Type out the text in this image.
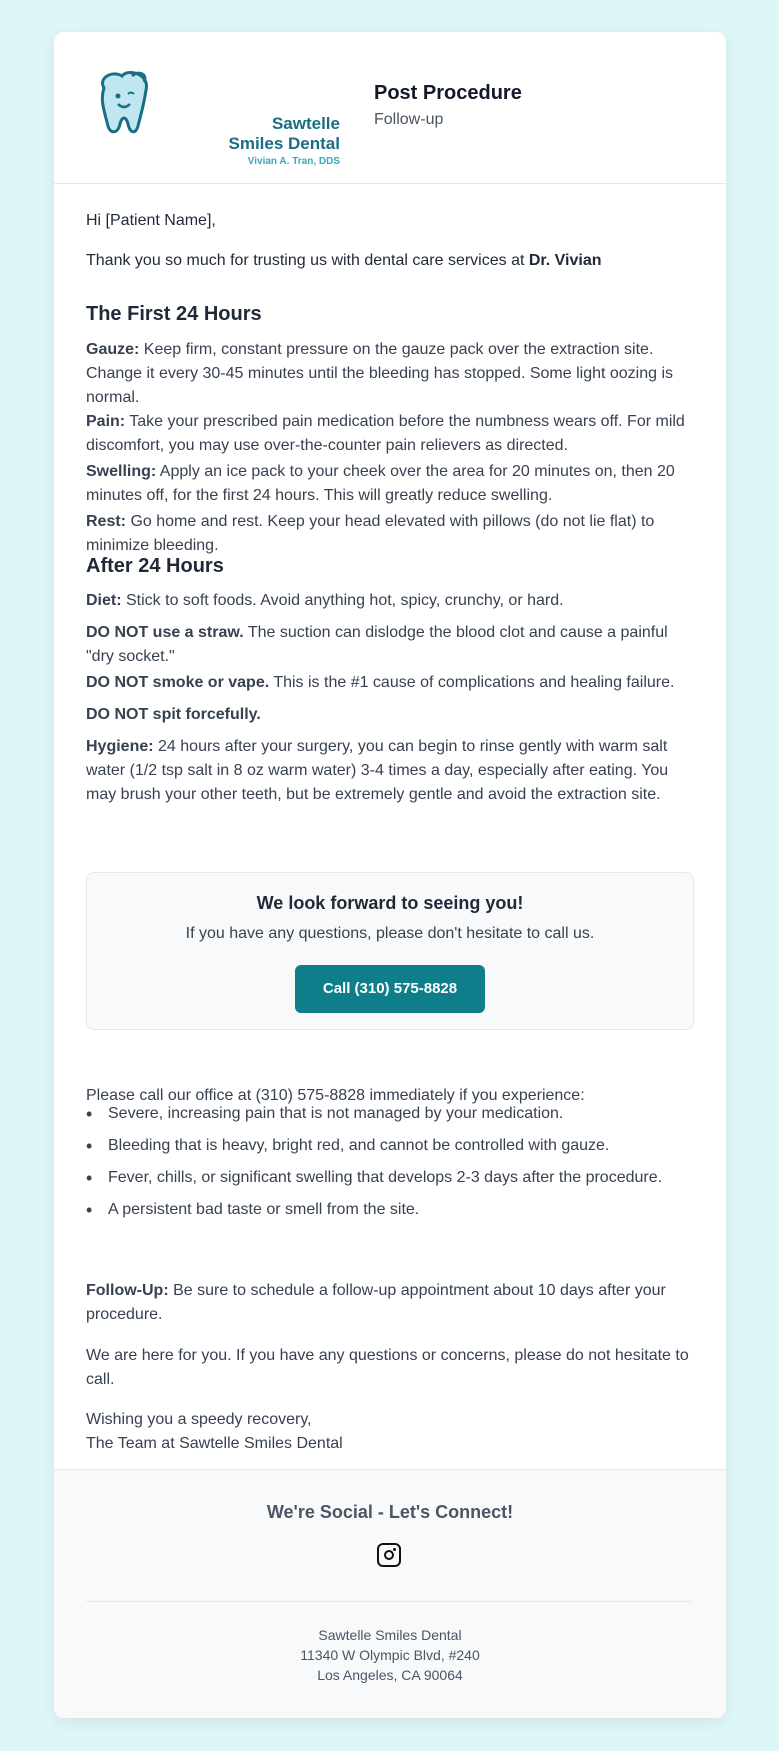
Sawtelle
Smiles Dental
Vivian A. Tran, DDS
Post Procedure
Follow-up

Hi [Patient Name],

Thank you so much for trusting us with dental care services at Dr. Vivian

The First 24 Hours

Gauze: Keep firm, constant pressure on the gauze pack over the extraction site. Change it every 30-45 minutes until the bleeding has stopped. Some light oozing is normal.

Pain: Take your prescribed pain medication before the numbness wears off. For mild discomfort, you may use over-the-counter pain relievers as directed.

Swelling: Apply an ice pack to your cheek over the area for 20 minutes on, then 20 minutes off, for the first 24 hours. This will greatly reduce swelling.

Rest: Go home and rest. Keep your head elevated with pillows (do not lie flat) to minimize bleeding.

After 24 Hours

Diet: Stick to soft foods. Avoid anything hot, spicy, crunchy, or hard.

DO NOT use a straw. The suction can dislodge the blood clot and cause a painful "dry socket."

DO NOT smoke or vape. This is the #1 cause of complications and healing failure.

DO NOT spit forcefully.

Hygiene: 24 hours after your surgery, you can begin to rinse gently with warm salt water (1/2 tsp salt in 8 oz warm water) 3-4 times a day, especially after eating. You may brush your other teeth, but be extremely gentle and avoid the extraction site.

Please call our office at (310) 575-8828 immediately if you experience:

Follow-Up: Be sure to schedule a follow-up appointment about 10 days after your procedure.

We are here for you. If you have any questions or concerns, please do not hesitate to call.

Wishing you a speedy recovery,

The Team at Sawtelle Smiles Dental

We look forward to seeing you!
If you have any questions, please don't hesitate to call us.
Call (310) 575-8828
• Severe, increasing pain that is not managed by your medication.
• Bleeding that is heavy, bright red, and cannot be controlled with gauze.
• Fever, chills, or significant swelling that develops 2-3 days after the procedure.
• A persistent bad taste or smell from the site.
We're Social - Let's Connect!
Sawtelle Smiles Dental
11340 W Olympic Blvd, #240
Los Angeles, CA 90064
